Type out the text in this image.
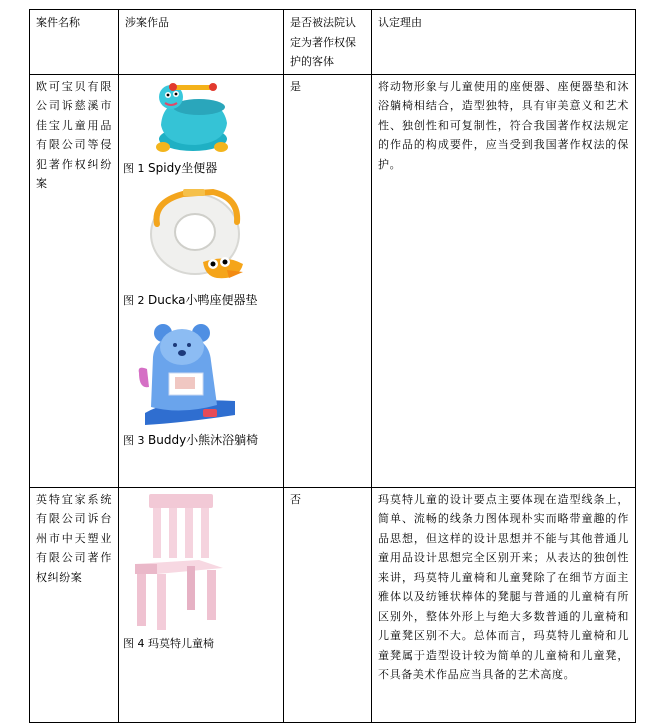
案件名称	涉案作品	是否被法院认定为著作权保护的客体	认定理由
欧可宝贝有限公司诉慈溪市佳宝儿童用品有限公司等侵犯著作权纠纷案	图 1 Spidy坐便器
图 2 Ducka小鸭座便器垫
图 3 Buddy小熊沐浴躺椅	是	将动物形象与儿童使用的座便器、座便器垫和沐浴躺椅相结合，造型独特，具有审美意义和艺术性、独创性和可复制性，符合我国著作权法规定的作品的构成要件，应当受到我国著作权法的保护。
英特宜家系统有限公司诉台州市中天塑业有限公司著作权纠纷案	图 4 玛莫特儿童椅	否	玛莫特儿童的设计要点主要体现在造型线条上，简单、流畅的线条力图体现朴实而略带童趣的作品思想，但这样的设计思想并不能与其他普通儿童用品设计思想完全区别开来；从表达的独创性来讲，玛莫特儿童椅和儿童凳除了在细节方面主雅体以及纺锤状棒体的凳腿与普通的儿童椅有所区别外，整体外形上与绝大多数普通的儿童椅和儿童凳区别不大。总体而言，玛莫特儿童椅和儿童凳属于造型设计较为简单的儿童椅和儿童凳，不具备美术作品应当具备的艺术高度。
